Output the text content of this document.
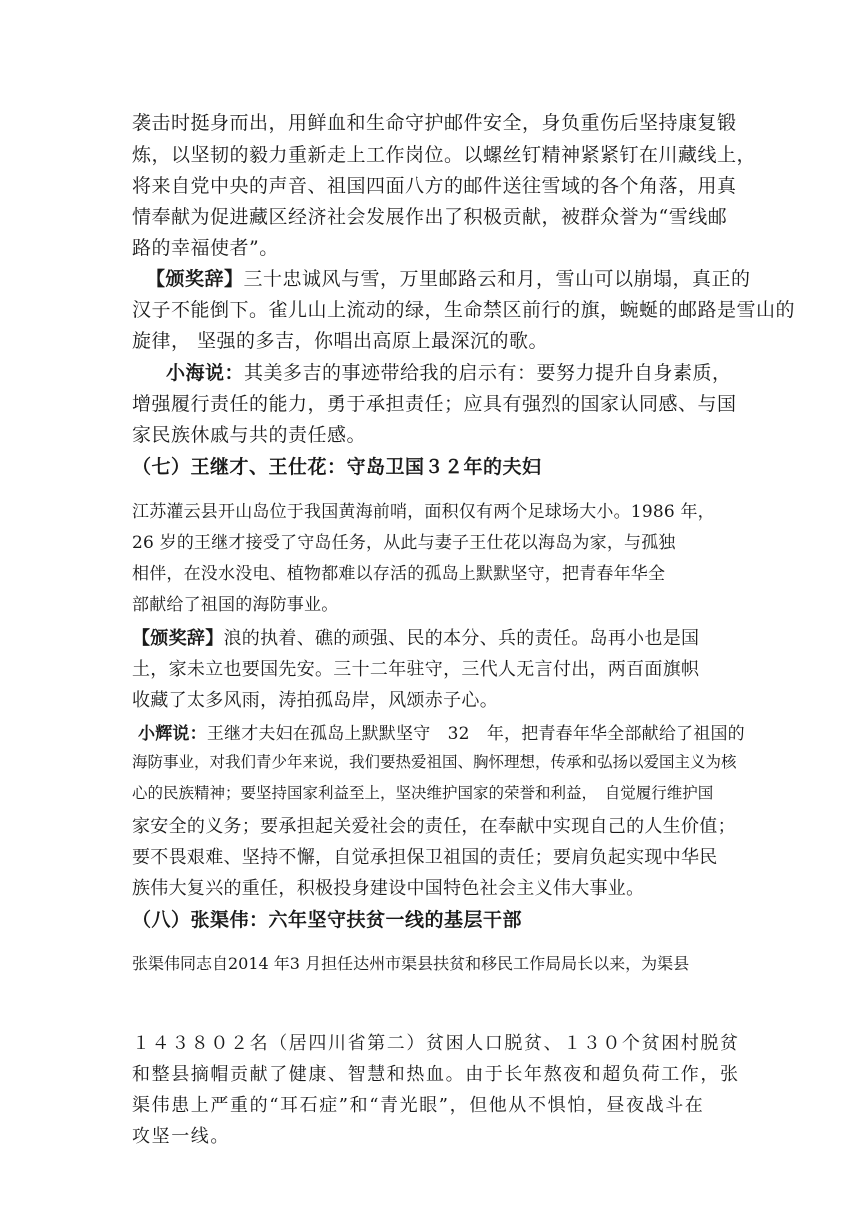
袭击时挺身而出，用鲜血和生命守护邮件安全，身负重伤后坚持康复锻
炼，以坚韧的毅力重新走上工作岗位。以螺丝钉精神紧紧钉在川藏线上，
将来自党中央的声音、祖国四面八方的邮件送往雪域的各个角落，用真
情奉献为促进藏区经济社会发展作出了积极贡献，被群众誉为“雪线邮
路的幸福使者”。
【颁奖辞】三十忠诚风与雪，万里邮路云和月，雪山可以崩塌，真正的
汉子不能倒下。雀儿山上流动的绿，生命禁区前行的旗，蜿蜒的邮路是雪山的
旋律， 坚强的多吉，你唱出高原上最深沉的歌。
小海说：其美多吉的事迹带给我的启示有：要努力提升自身素质，
增强履行责任的能力，勇于承担责任；应具有强烈的国家认同感、与国
家民族休戚与共的责任感。
（七）王继才、王仕花：守岛卫国３２年的夫妇
江苏灌云县开山岛位于我国黄海前哨，面积仅有两个足球场大小。1986 年，
26 岁的王继才接受了守岛任务，从此与妻子王仕花以海岛为家，与孤独
相伴，在没水没电、植物都难以存活的孤岛上默默坚守，把青春年华全
部献给了祖国的海防事业。
【颁奖辞】浪的执着、礁的顽强、民的本分、兵的责任。岛再小也是国
土，家未立也要国先安。三十二年驻守，三代人无言付出，两百面旗帜
收藏了太多风雨，涛拍孤岛岸，风颂赤子心。
小辉说：王继才夫妇在孤岛上默默坚守　32　年，把青春年华全部献给了祖国的
海防事业，对我们青少年来说，我们要热爱祖国、胸怀理想，传承和弘扬以爱国主义为核
心的民族精神；要坚持国家利益至上，坚决维护国家的荣誉和利益，　自觉履行维护国
家安全的义务；要承担起关爱社会的责任，在奉献中实现自己的人生价值；
要不畏艰难、坚持不懈，自觉承担保卫祖国的责任；要肩负起实现中华民
族伟大复兴的重任，积极投身建设中国特色社会主义伟大事业。
（八）张渠伟：六年坚守扶贫一线的基层干部
张渠伟同志自2014 年3 月担任达州市渠县扶贫和移民工作局局长以来，为渠县
１４３８０２名（居四川省第二）贫困人口脱贫、１３０个贫困村脱贫
和整县摘帽贡献了健康、智慧和热血。由于长年熬夜和超负荷工作，张
渠伟患上严重的“耳石症”和“青光眼”，但他从不惧怕，昼夜战斗在
攻坚一线。
